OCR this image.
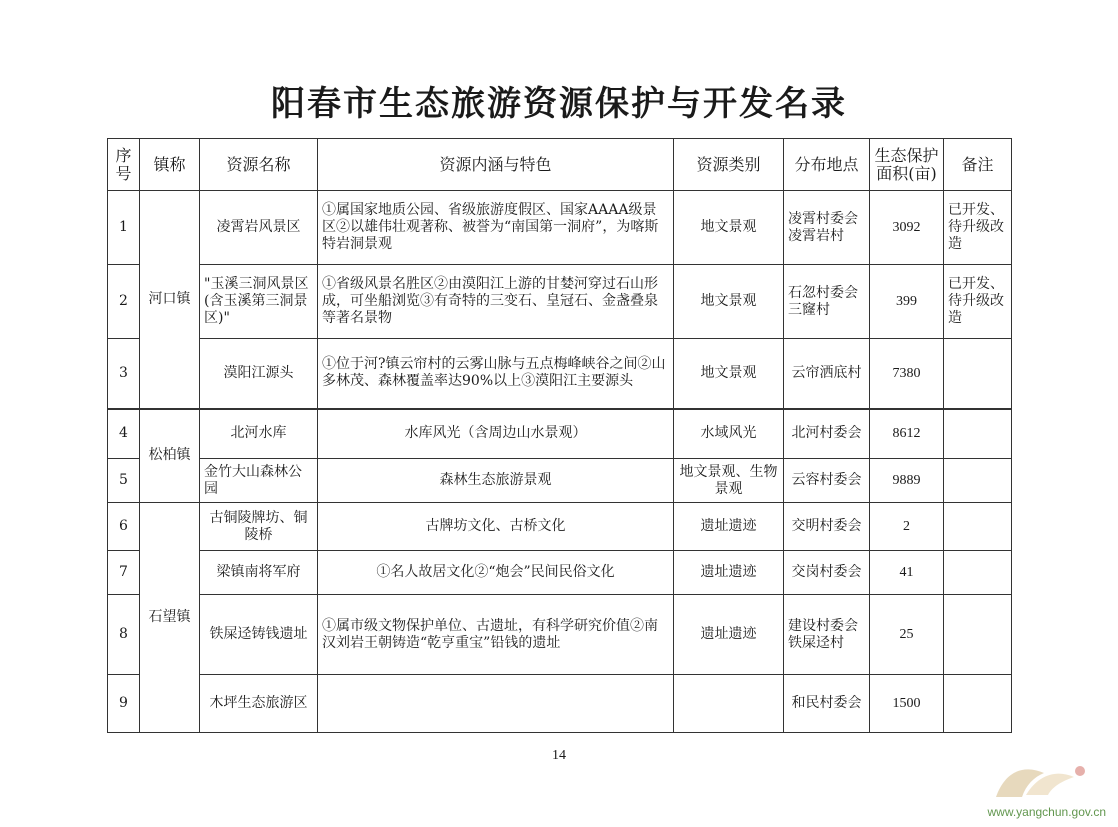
阳春市生态旅游资源保护与开发名录
序号	镇称	资源名称	资源内涵与特色	资源类别	分布地点	生态保护面积(亩)	备注
1	河口镇	凌霄岩风景区	①属国家地质公园、省级旅游度假区、国家AAAA级景区②以雄伟壮观著称、被誉为“南国第一洞府”，为喀斯特岩洞景观	地文景观	凌霄村委会凌霄岩村	3092	已开发、待升级改造
2		"玉溪三洞风景区(含玉溪第三洞景区)"	①省级风景名胜区②由漠阳江上游的甘婪河穿过石山形成，可坐船浏览③有奇特的三变石、皇冠石、金盏叠泉等著名景物	地文景观	石忽村委会三窿村	399	已开发、待升级改造
3		漠阳江源头	①位于河?镇云帘村的云雾山脉与五点梅峰峡谷之间②山多林茂、森林覆盖率达90%以上③漠阳江主要源头	地文景观	云帘洒底村	7380	
4	松柏镇	北河水库	水库风光（含周边山水景观）	水域风光	北河村委会	8612	
5		金竹大山森林公园	森林生态旅游景观	地文景观、生物景观	云容村委会	9889	
6	石望镇	古铜陵牌坊、铜陵桥	古牌坊文化、古桥文化	遗址遗迹	交明村委会	2	
7		梁镇南将军府	①名人故居文化②“炮会”民间民俗文化	遗址遗迹	交岗村委会	41	
8		铁屎迳铸钱遗址	①属市级文物保护单位、古遗址，有科学研究价值②南汉刘岩王朝铸造“乾亨重宝”铅钱的遗址	遗址遗迹	建设村委会铁屎迳村	25	
9		木坪生态旅游区			和民村委会	1500	
14
www.yangchun.gov.cn
